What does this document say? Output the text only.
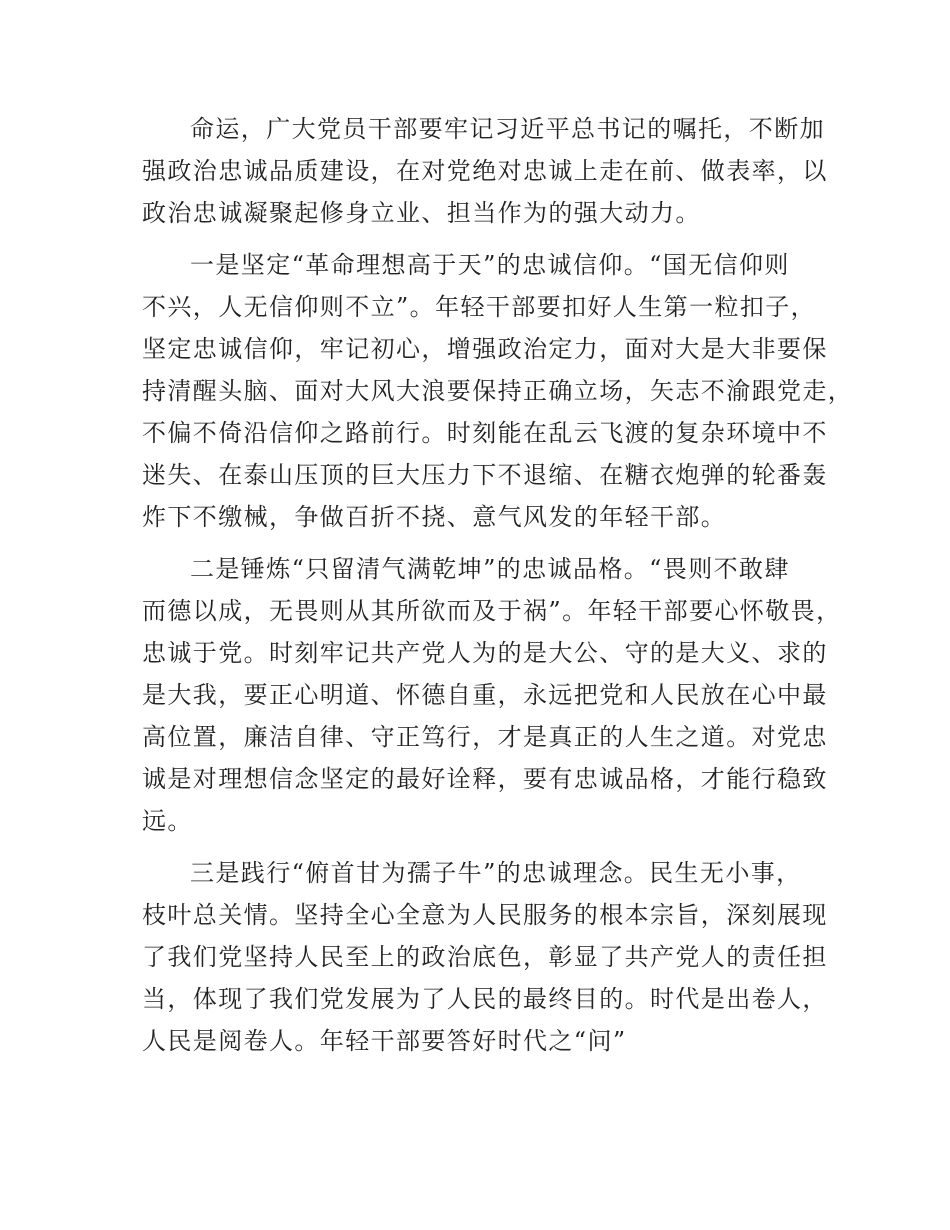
命运，广大党员干部要牢记习近平总书记的嘱托，不断加
强政治忠诚品质建设，在对党绝对忠诚上走在前、做表率，以
政治忠诚凝聚起修身立业、担当作为的强大动力。
一是坚定“革命理想高于天”的忠诚信仰。“国无信仰则
不兴，人无信仰则不立”。年轻干部要扣好人生第一粒扣子，
坚定忠诚信仰，牢记初心，增强政治定力，面对大是大非要保
持清醒头脑、面对大风大浪要保持正确立场，矢志不渝跟党走，
不偏不倚沿信仰之路前行。时刻能在乱云飞渡的复杂环境中不
迷失、在泰山压顶的巨大压力下不退缩、在糖衣炮弹的轮番轰
炸下不缴械，争做百折不挠、意气风发的年轻干部。
二是锤炼“只留清气满乾坤”的忠诚品格。“畏则不敢肆
而德以成，无畏则从其所欲而及于祸”。年轻干部要心怀敬畏，
忠诚于党。时刻牢记共产党人为的是大公、守的是大义、求的
是大我，要正心明道、怀德自重，永远把党和人民放在心中最
高位置，廉洁自律、守正笃行，才是真正的人生之道。对党忠
诚是对理想信念坚定的最好诠释，要有忠诚品格，才能行稳致
远。
三是践行“俯首甘为孺子牛”的忠诚理念。民生无小事，
枝叶总关情。坚持全心全意为人民服务的根本宗旨，深刻展现
了我们党坚持人民至上的政治底色，彰显了共产党人的责任担
当，体现了我们党发展为了人民的最终目的。时代是出卷人，
人民是阅卷人。年轻干部要答好时代之“问”
